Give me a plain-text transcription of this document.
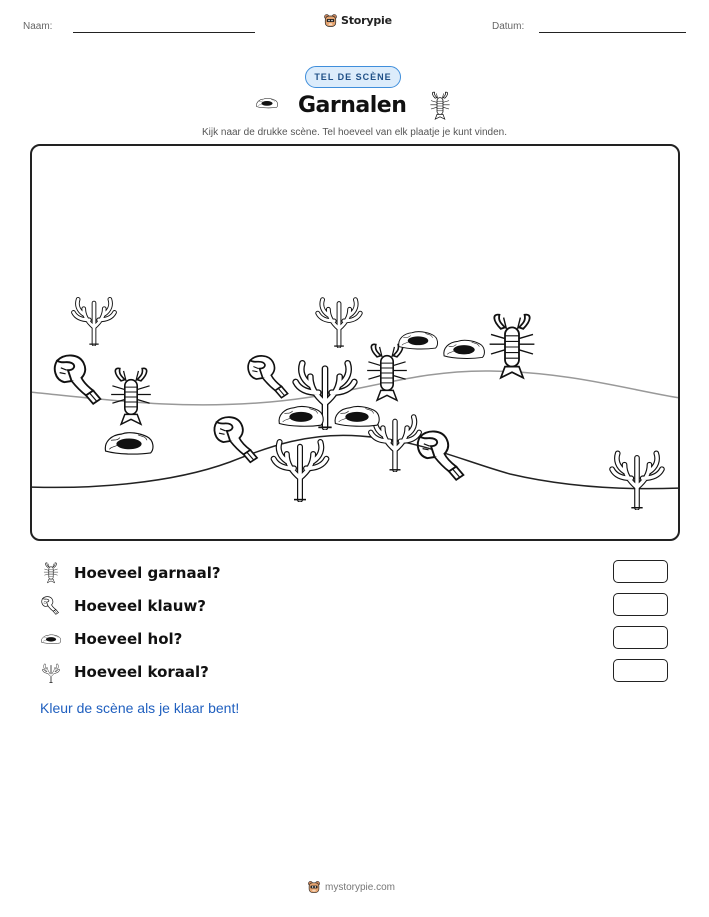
Naam:	Storypie	Datum:
TEL DE SCÈNE
Garnalen
Kijk naar de drukke scène. Tel hoeveel van elk plaatje je kunt vinden.
Hoeveel garnaal?
Hoeveel klauw?
Hoeveel hol?
Hoeveel koraal?
Kleur de scène als je klaar bent!
mystorypie.com
